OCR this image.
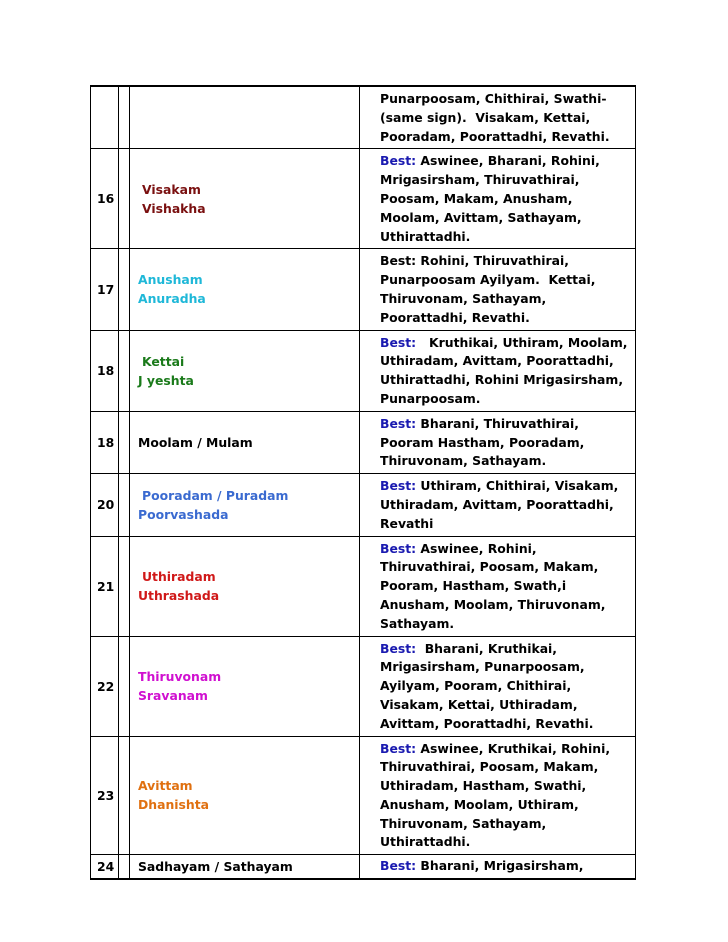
			Punarpoosam, Chithirai, Swathi- (same sign).  Visakam, Kettai, Pooradam, Poorattadhi, Revathi.
16		Visakam
Vishakha	Best: Aswinee, Bharani, Rohini, Mrigasirsham, Thiruvathirai, Poosam, Makam, Anusham, Moolam, Avittam, Sathayam, Uthirattadhi.
17		Anusham
Anuradha	Best: Rohini, Thiruvathirai, Punarpoosam Ayilyam.  Kettai, Thiruvonam, Sathayam, Poorattadhi, Revathi.
18		Kettai
J yeshta	Best:   Kruthikai, Uthiram, Moolam, Uthiradam, Avittam, Poorattadhi, Uthirattadhi, Rohini Mrigasirsham, Punarpoosam.
18		Moolam / Mulam	Best: Bharani, Thiruvathirai, Pooram Hastham, Pooradam, Thiruvonam, Sathayam.
20		Pooradam / Puradam
Poorvashada	Best: Uthiram, Chithirai, Visakam, Uthiradam, Avittam, Poorattadhi, Revathi
21		Uthiradam
Uthrashada	Best: Aswinee, Rohini, Thiruvathirai, Poosam, Makam, Pooram, Hastham, Swath,i Anusham, Moolam, Thiruvonam, Sathayam.
22		Thiruvonam
Sravanam	Best:  Bharani, Kruthikai, Mrigasirsham, Punarpoosam, Ayilyam, Pooram, Chithirai, Visakam, Kettai, Uthiradam, Avittam, Poorattadhi, Revathi.
23		Avittam
Dhanishta	Best: Aswinee, Kruthikai, Rohini, Thiruvathirai, Poosam, Makam, Uthiradam, Hastham, Swathi, Anusham, Moolam, Uthiram, Thiruvonam, Sathayam, Uthirattadhi.
24		Sadhayam / Sathayam	Best: Bharani, Mrigasirsham,
